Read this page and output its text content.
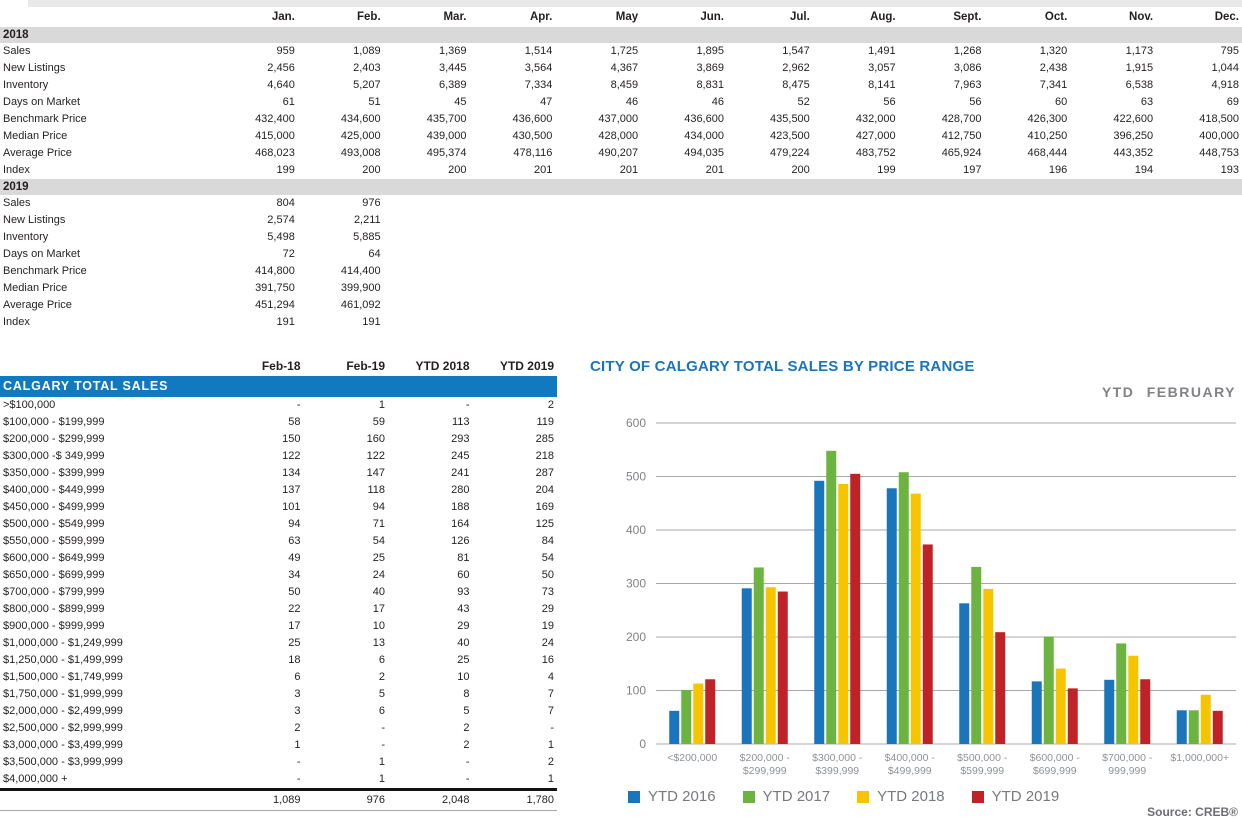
	Jan.	Feb.	Mar.	Apr.	May	Jun.	Jul.	Aug.	Sept.	Oct.	Nov.	Dec.
2018												
Sales	959	1,089	1,369	1,514	1,725	1,895	1,547	1,491	1,268	1,320	1,173	795
New Listings	2,456	2,403	3,445	3,564	4,367	3,869	2,962	3,057	3,086	2,438	1,915	1,044
Inventory	4,640	5,207	6,389	7,334	8,459	8,831	8,475	8,141	7,963	7,341	6,538	4,918
Days on Market	61	51	45	47	46	46	52	56	56	60	63	69
Benchmark Price	432,400	434,600	435,700	436,600	437,000	436,600	435,500	432,000	428,700	426,300	422,600	418,500
Median Price	415,000	425,000	439,000	430,500	428,000	434,000	423,500	427,000	412,750	410,250	396,250	400,000
Average Price	468,023	493,008	495,374	478,116	490,207	494,035	479,224	483,752	465,924	468,444	443,352	448,753
Index	199	200	200	201	201	201	200	199	197	196	194	193
2019												
Sales	804	976										
New Listings	2,574	2,211										
Inventory	5,498	5,885										
Days on Market	72	64										
Benchmark Price	414,800	414,400										
Median Price	391,750	399,900										
Average Price	451,294	461,092										
Index	191	191										
	Feb-18	Feb-19	YTD 2018	YTD 2019
CALGARY TOTAL SALES				
>$100,000	-	1	-	2
$100,000 - $199,999	58	59	113	119
$200,000 - $299,999	150	160	293	285
$300,000 -$ 349,999	122	122	245	218
$350,000 - $399,999	134	147	241	287
$400,000 - $449,999	137	118	280	204
$450,000 - $499,999	101	94	188	169
$500,000 - $549,999	94	71	164	125
$550,000 - $599,999	63	54	126	84
$600,000 - $649,999	49	25	81	54
$650,000 - $699,999	34	24	60	50
$700,000 - $799,999	50	40	93	73
$800,000 - $899,999	22	17	43	29
$900,000 - $999,999	17	10	29	19
$1,000,000 - $1,249,999	25	13	40	24
$1,250,000 - $1,499,999	18	6	25	16
$1,500,000 - $1,749,999	6	2	10	4
$1,750,000 - $1,999,999	3	5	8	7
$2,000,000 - $2,499,999	3	6	5	7
$2,500,000 - $2,999,999	2	-	2	-
$3,000,000 - $3,499,999	1	-	2	1
$3,500,000 - $3,999,999	-	1	-	2
$4,000,000 +	-	1	-	1
	1,089	976	2,048	1,780
CITY OF CALGARY TOTAL SALES BY PRICE RANGE
YTD FEBRUARY
0
100
200
300
400
500
600
<$200,000 $200,000 -$299,999
$300,000 -$399,999
$400,000 -$499,999
$500,000 -$599,999
$600,000 -$699,999
$700,000 -999,999
$1,000,000+
YTD 2016	YTD 2017	YTD 2018	YTD 2019
Source: CREB®
